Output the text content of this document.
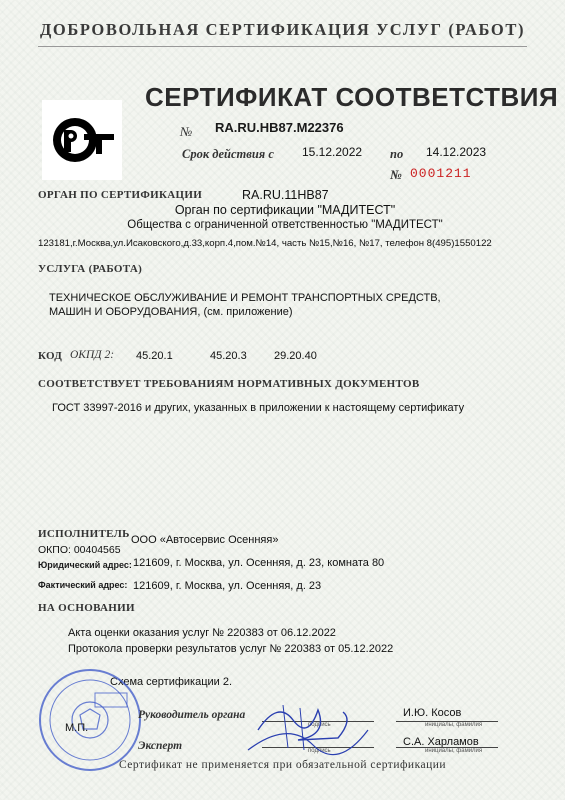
ДОБРОВОЛЬНАЯ СЕРТИФИКАЦИЯ УСЛУГ (РАБОТ)
СЕРТИФИКАТ СООТВЕТСТВИЯ
№ RA.RU.HB87.M22376
Срок действия с 15.12.2022 по 14.12.2023
№ 0001211
ОРГАН ПО СЕРТИФИКАЦИИ	RA.RU.11HB87
Орган по сертификации "МАДИТЕСТ"
Общества с ограниченной ответственностью "МАДИТЕСТ"
123181,г.Москва,ул.Исаковского,д.33,корп.4,пом.№14, часть №15,№16, №17, телефон 8(495)1550122
УСЛУГА (РАБОТА)
ТЕХНИЧЕСКОЕ ОБСЛУЖИВАНИЕ И РЕМОНТ ТРАНСПОРТНЫХ СРЕДСТВ,
МАШИН И ОБОРУДОВАНИЯ, (см. приложение)
КОД ОКПД 2: 45.20.1	45.20.3 29.20.40
СООТВЕТСТВУЕТ ТРЕБОВАНИЯМ НОРМАТИВНЫХ ДОКУМЕНТОВ
ГОСТ 33997-2016 и других, указанных в приложении к настоящему сертификату
ИСПОЛНИТЕЛЬ ООО «Автосервис Осенняя»
ОКПО: 00404565
Юридический адрес: 121609, г. Москва, ул. Осенняя, д. 23, комната 80
Фактический адрес: 121609, г. Москва, ул. Осенняя, д. 23
НА ОСНОВАНИИ
Акта оценки оказания услуг № 220383 от 06.12.2022
Протокола проверки результатов услуг № 220383 от 05.12.2022
Схема сертификации 2.
М.П.
Руководитель органа
подпись
И.Ю. Косов
инициалы, фамилия
Эксперт	подпись
С.А. Харламов
инициалы, фамилия
Сертификат не применяется при обязательной сертификации
